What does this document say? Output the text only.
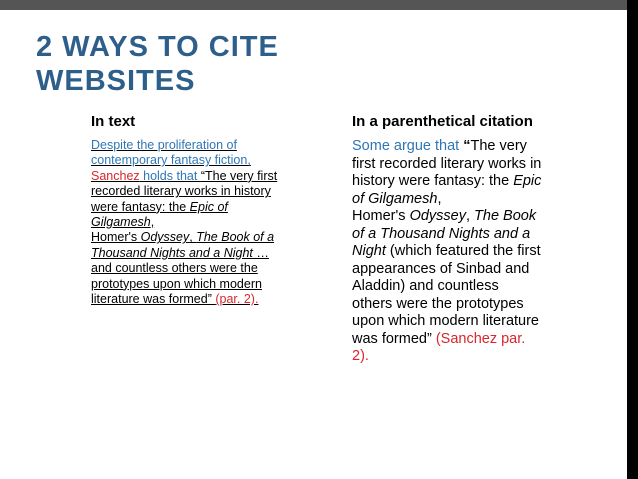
2 WAYS TO CITE
WEBSITES
In text	In a parenthetical citation
Despite the proliferation of
contemporary fantasy fiction,
Sanchez holds that “The very first
recorded literary works in history
were fantasy: the Epic of
Gilgamesh,
Homer's Odyssey, The Book of a
Thousand Nights and a Night …
and countless others were the
prototypes upon which modern
literature was formed” (par. 2).
Some argue that “The very
first recorded literary works in
history were fantasy: the Epic
of Gilgamesh,
Homer's Odyssey, The Book
of a Thousand Nights and a
Night (which featured the first
appearances of Sinbad and
Aladdin) and countless
others were the prototypes
upon which modern literature
was formed” (Sanchez par.
2).
